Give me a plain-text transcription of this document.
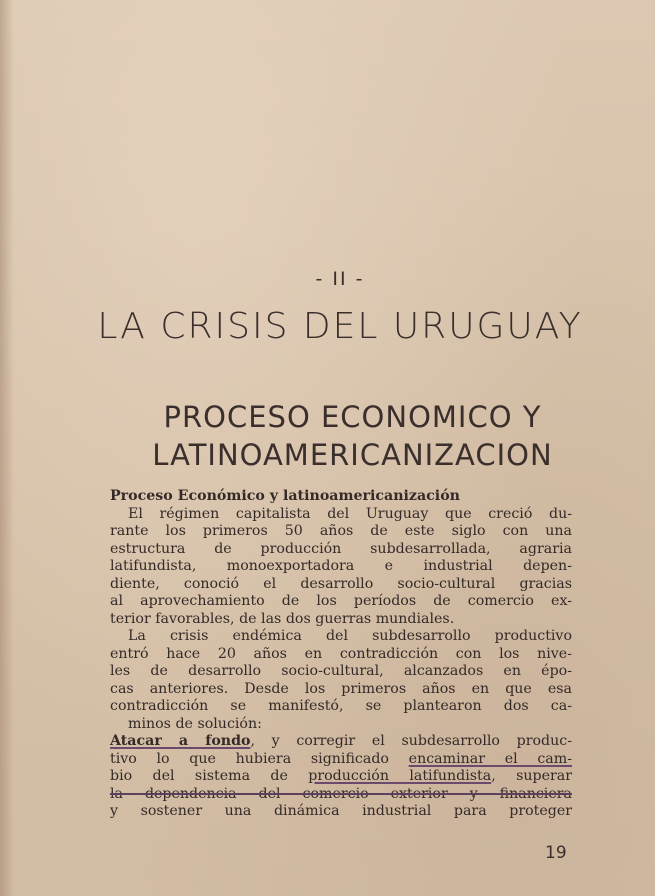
- II -
LA CRISIS DEL URUGUAY
PROCESO ECONOMICO Y
LATINOAMERICANIZACION
Proceso Económico y latinoamericanización
El régimen capitalista del Uruguay que creció du-
rante los primeros 50 años de este siglo con una
estructura de producción subdesarrollada, agraria
latifundista, monoexportadora e industrial depen-
diente, conoció el desarrollo socio-cultural gracias
al aprovechamiento de los períodos de comercio ex-
terior favorables, de las dos guerras mundiales.
La crisis endémica del subdesarrollo productivo
entró hace 20 años en contradicción con los nive-
les de desarrollo socio-cultural, alcanzados en épo-
cas anteriores. Desde los primeros años en que esa
contradicción se manifestó, se plantearon dos ca-
minos de solución:
Atacar a fondo, y corregir el subdesarrollo produc-
tivo lo que hubiera significado encaminar el cam-
bio del sistema de producción latifundista, superar
la dependencia del comercio exterior y financiera
y sostener una dinámica industrial para proteger
19
